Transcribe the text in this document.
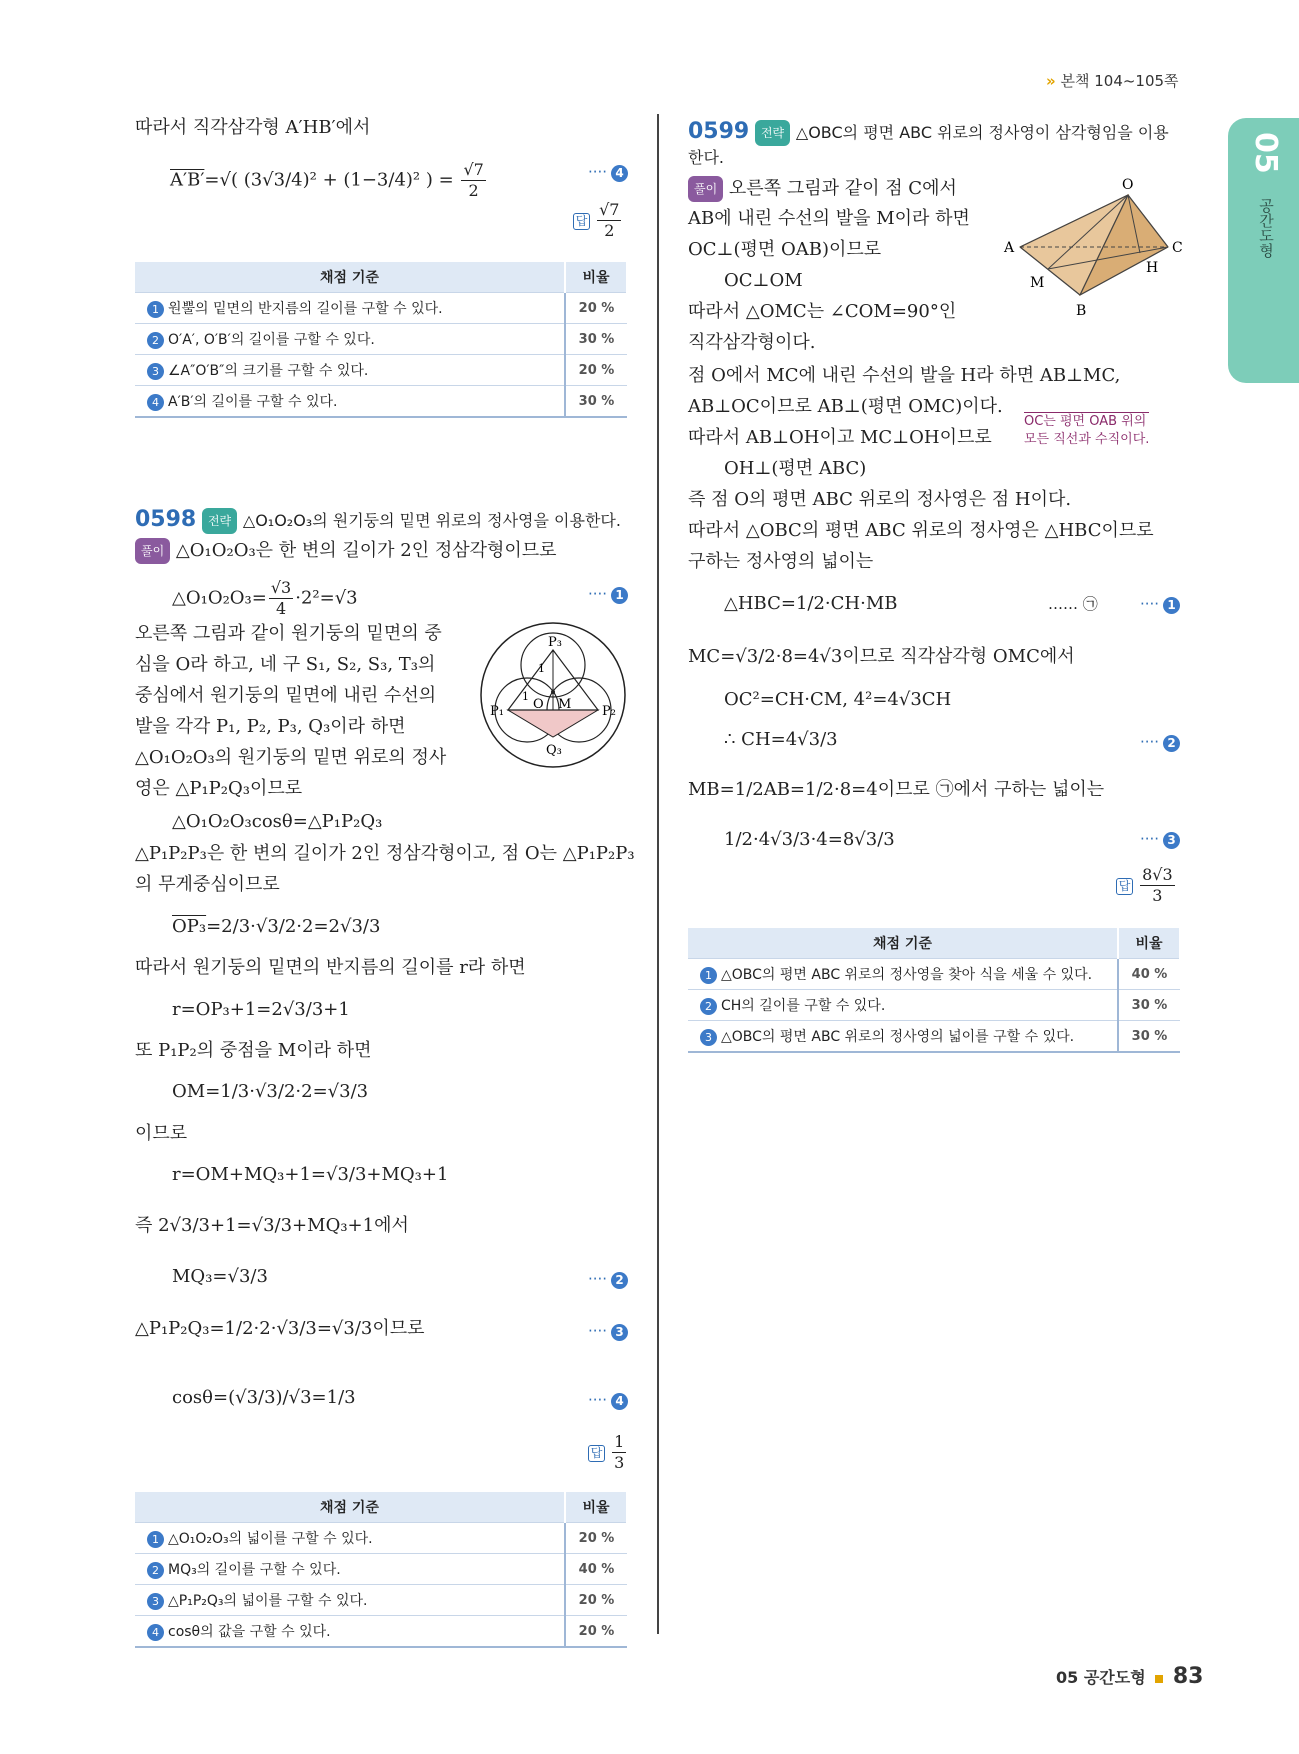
» 본책 104~105쪽
05
공간도형
따라서 직각삼각형 A′HB′에서
A′B′=√( (3√3/4)² + (1−3/4)² ) = $\frac{√7}{2}$	···· 4
답 $\frac{√7}{2}$
채점 기준	비율
1 원뿔의 밑면의 반지름의 길이를 구할 수 있다.	20 %
2 O′A′, O′B′의 길이를 구할 수 있다.	30 %
3 ∠A″O′B″의 크기를 구할 수 있다.	20 %
4 A′B′의 길이를 구할 수 있다.	30 %
0598 전략 △O₁O₂O₃의 원기둥의 밑면 위로의 정사영을 이용한다.
풀이 △O₁O₂O₃은 한 변의 길이가 2인 정삼각형이므로
△O₁O₂O₃= $\frac{√3}{4} \cdot 2^2=√3$	···· 1
오른쪽 그림과 같이 원기둥의 밑면의 중
심을 O라 하고, 네 구 S₁, S₂, S₃, T₃의
중심에서 원기둥의 밑면에 내린 수선의
발을 각각 P₁, P₂, P₃, Q₃이라 하면
△O₁O₂O₃의 원기둥의 밑면 위로의 정사
영은 △P₁P₂Q₃이므로
P₃
P₁	P₂
O M
Q₃
1
1
△O₁O₂O₃cosθ=△P₁P₂Q₃
△P₁P₂P₃은 한 변의 길이가 2인 정삼각형이고, 점 O는 △P₁P₂P₃
의 무게중심이므로
OP₃=2/3·√3/2·2=2√3/3
따라서 원기둥의 밑면의 반지름의 길이를 r라 하면
r=OP₃+1=2√3/3+1
또 P₁P₂의 중점을 M이라 하면
OM=1/3·√3/2·2=√3/3
이므로
r=OM+MQ₃+1=√3/3+MQ₃+1
즉 2√3/3+1=√3/3+MQ₃+1에서
MQ₃=√3/3	···· 2
△P₁P₂Q₃=1/2·2·√3/3=√3/3이므로	···· 3
cosθ=(√3/3)/√3=1/3	···· 4
답 $\frac{1}{3}$
채점 기준	비율
1 △O₁O₂O₃의 넓이를 구할 수 있다.	20 %
2 MQ₃의 길이를 구할 수 있다.	40 %
3 △P₁P₂Q₃의 넓이를 구할 수 있다.	20 %
4 cosθ의 값을 구할 수 있다.	20 %
0599 전략 △OBC의 평면 ABC 위로의 정사영이 삼각형임을 이용
한다.
풀이 오른쪽 그림과 같이 점 C에서
AB에 내린 수선의 발을 M이라 하면
OC⊥(평면 OAB)이므로
OC⊥OM
따라서 △OMC는 ∠COM=90°인
직각삼각형이다.
O
A	C
M
H
B
점 O에서 MC에 내린 수선의 발을 H라 하면 AB⊥MC,
AB⊥OC이므로 AB⊥(평면 OMC)이다.
OC는 평면 OAB 위의
모든 직선과 수직이다.
따라서 AB⊥OH이고 MC⊥OH이므로
OH⊥(평면 ABC)
즉 점 O의 평면 ABC 위로의 정사영은 점 H이다.
따라서 △OBC의 평면 ABC 위로의 정사영은 △HBC이므로
구하는 정사영의 넓이는
△HBC=1/2·CH·MB	…… ㉠	···· 1
MC=√3/2·8=4√3이므로 직각삼각형 OMC에서
OC²=CH·CM, 4²=4√3CH
∴ CH=4√3/3	···· 2
MB=1/2AB=1/2·8=4이므로 ㉠에서 구하는 넓이는
1/2·4√3/3·4=8√3/3	···· 3
답 $\frac{8√3}{3}$
채점 기준	비율
1 △OBC의 평면 ABC 위로의 정사영을 찾아 식을 세울 수 있다.	40 %
2 CH의 길이를 구할 수 있다.	30 %
3 △OBC의 평면 ABC 위로의 정사영의 넓이를 구할 수 있다.	30 %
05 공간도형 83
